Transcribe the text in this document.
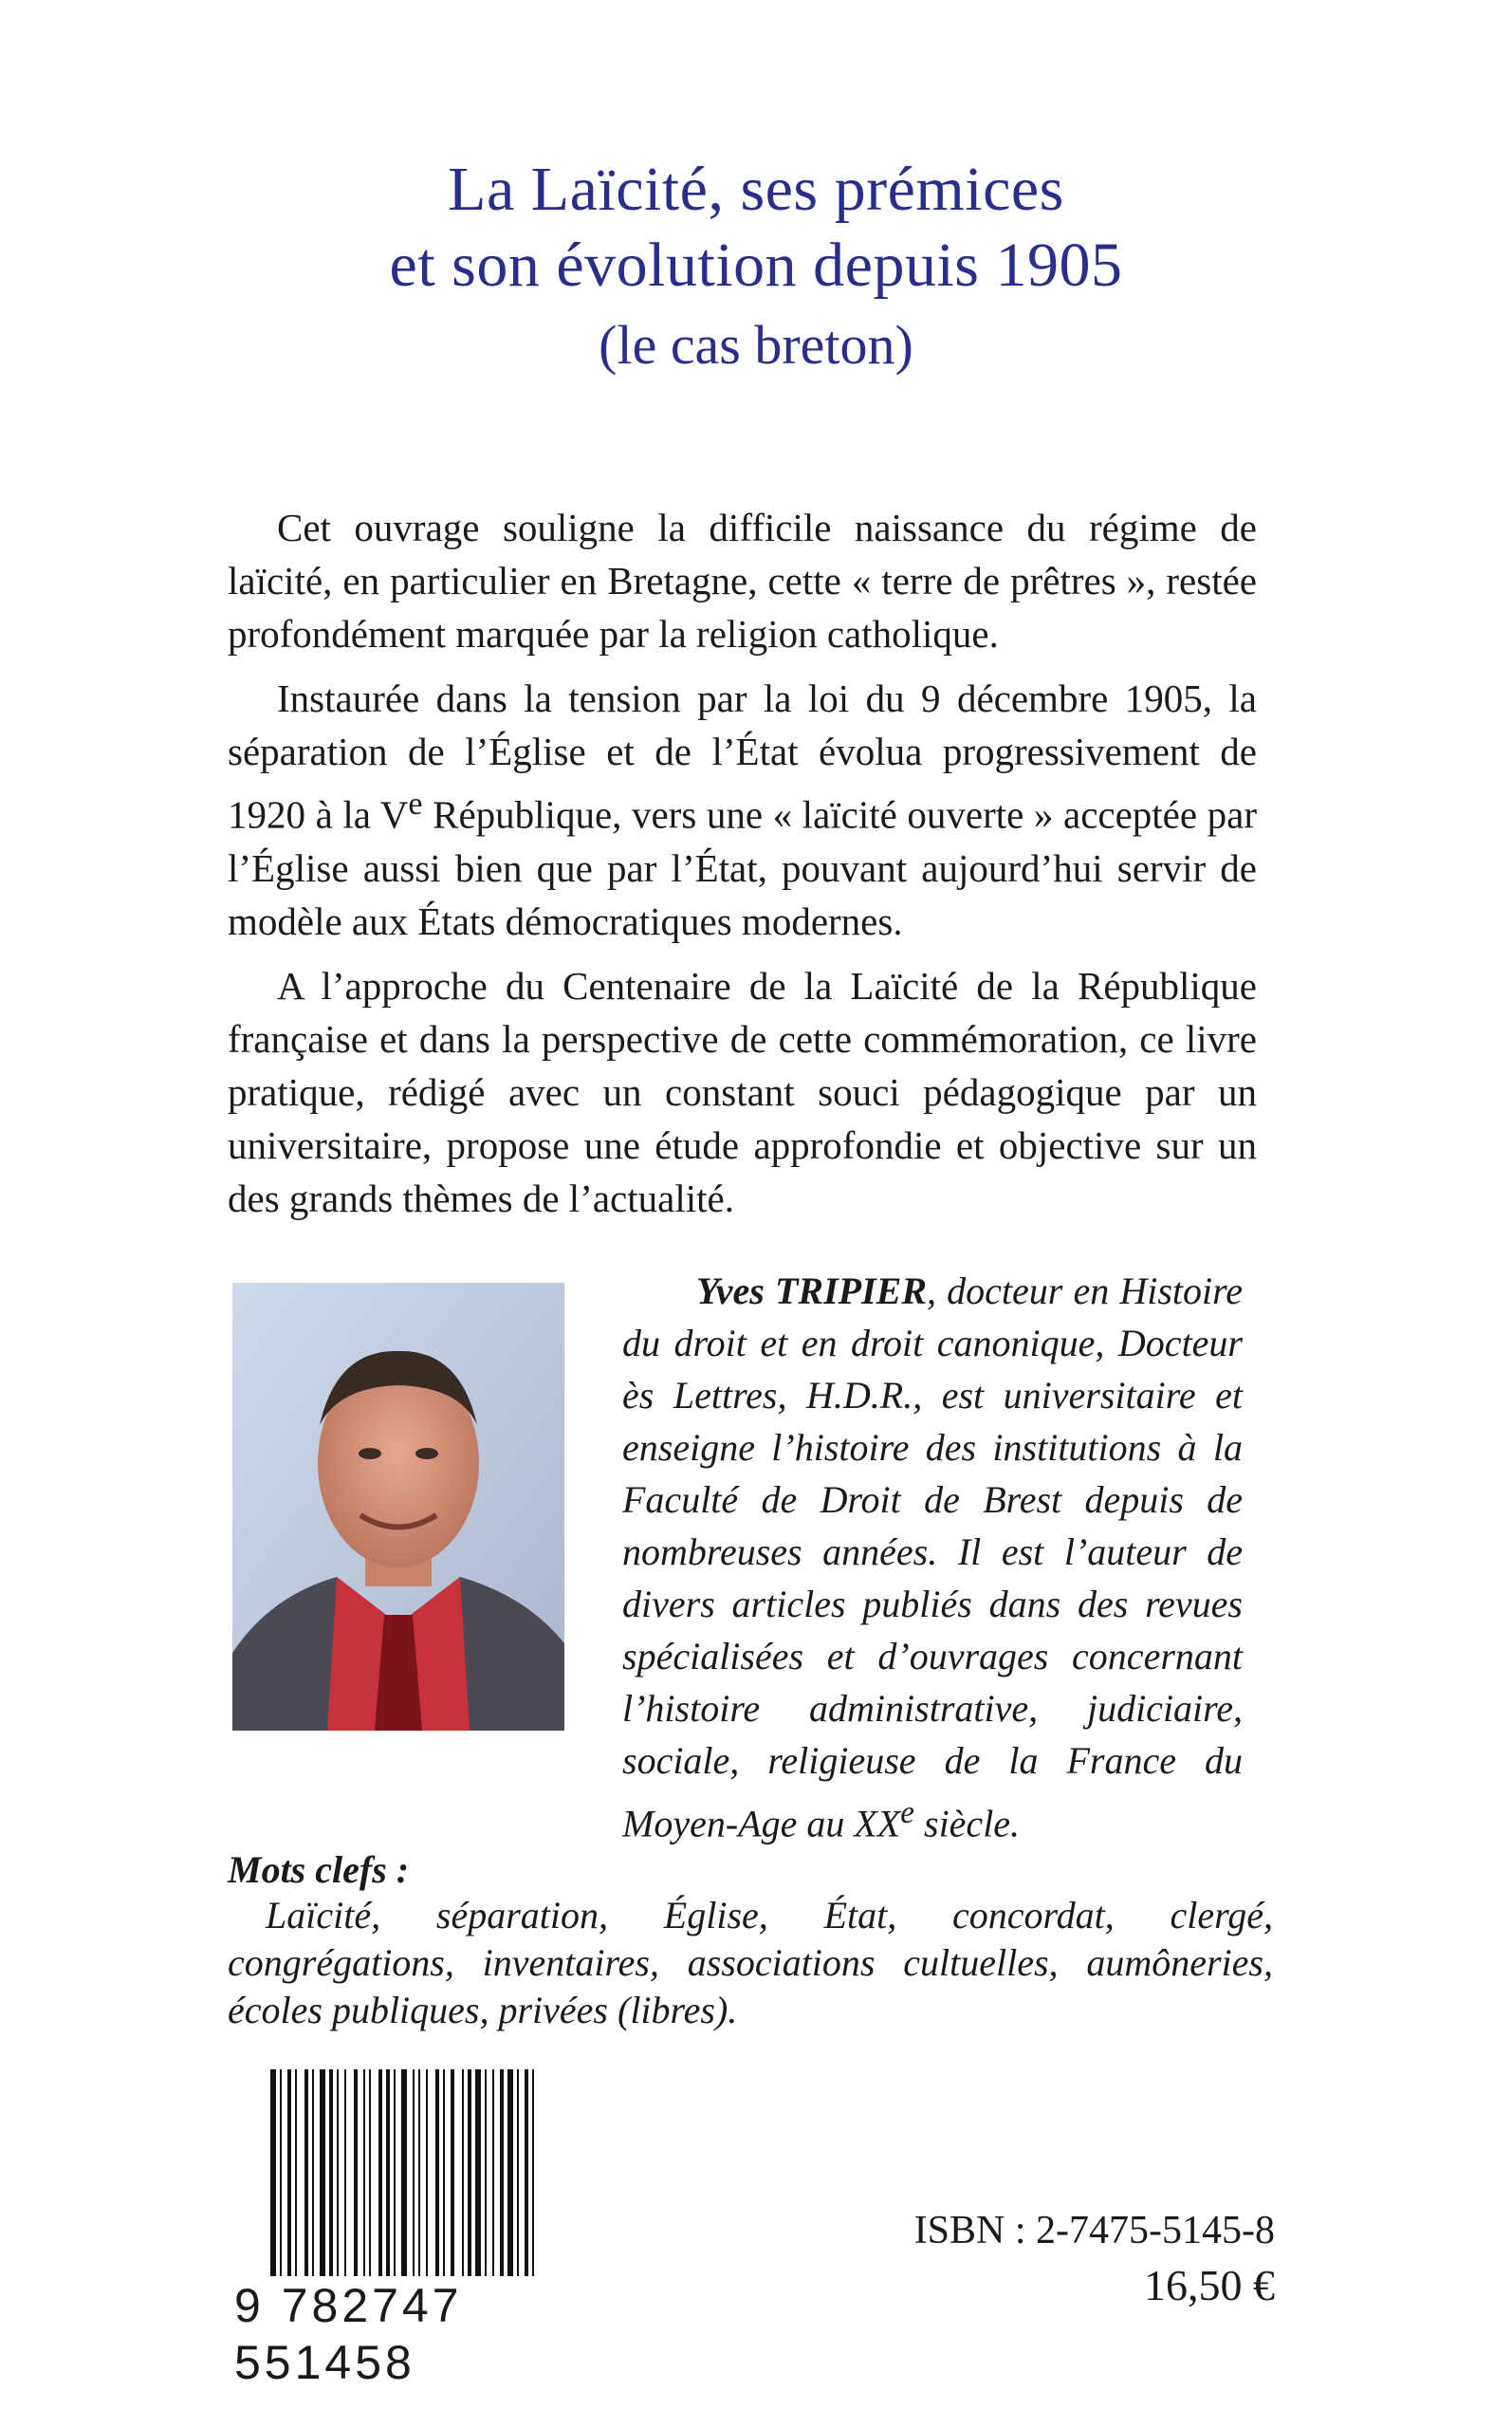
La Laïcité, ses prémices
et son évolution depuis 1905
(le cas breton)

Cet ouvrage souligne la difficile naissance du régime de laïcité, en particulier en Bretagne, cette « terre de prêtres », restée profondément marquée par la religion catholique.

Instaurée dans la tension par la loi du 9 décembre 1905, la séparation de l’Église et de l’État évolua progressivement de 1920 à la Ve République, vers une « laïcité ouverte » acceptée par l’Église aussi bien que par l’État, pouvant aujourd’hui servir de modèle aux États démocratiques modernes.

A l’approche du Centenaire de la Laïcité de la République française et dans la perspective de cette commémoration, ce livre pratique, rédigé avec un constant souci pédagogique par un universitaire, propose une étude approfondie et objective sur un des grands thèmes de l’actualité.

Yves TRIPIER, docteur en Histoire du droit et en droit canonique, Docteur ès Lettres, H.D.R., est universitaire et enseigne l’histoire des institutions à la Faculté de Droit de Brest depuis de nombreuses années. Il est l’auteur de divers articles publiés dans des revues spécialisées et d’ouvrages concernant l’histoire administrative, judiciaire, sociale, religieuse de la France du Moyen-Age au XXe siècle.
Mots clefs :
Laïcité, séparation, Église, État, concordat, clergé, congrégations, inventaires, associations cultuelles, aumôneries, écoles publiques, privées (libres).
9 782747 551458
ISBN : 2-7475-5145-8
16,50 €
